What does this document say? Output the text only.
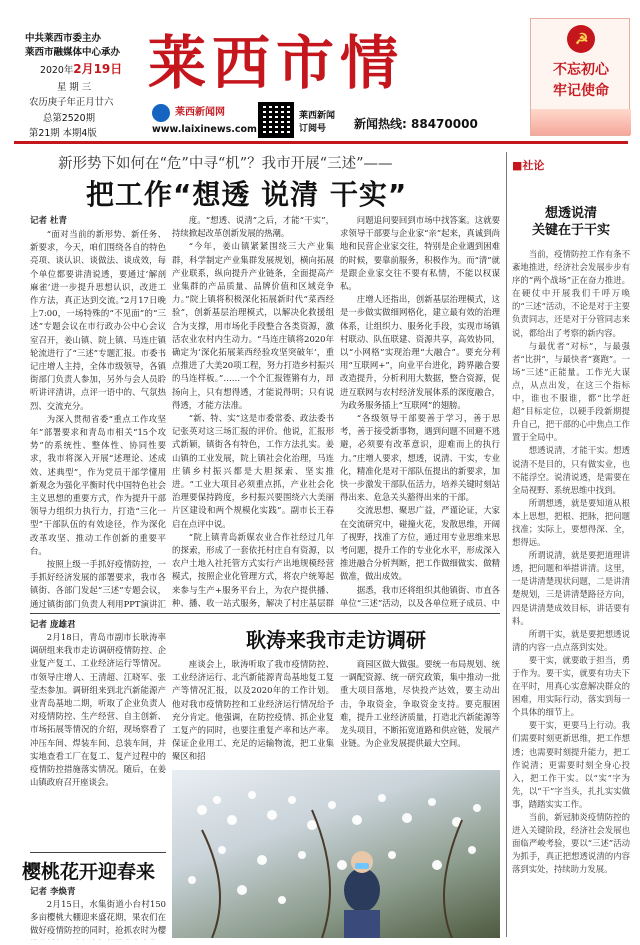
中共莱西市委主办
莱西市融媒体中心承办
2020年2月19日
星 期 三
农历庚子年正月廿六
总第2520期
第21期 本期4版
莱西市情
莱西新闻网
www.laixinews.com
莱西新闻
订阅号 新闻热线: 88470000
☭
不忘初心
牢记使命
新形势下如何在“危”中寻“机”？我市开展“三述”——
把工作“想透 说清 干实”
记者 杜青

“面对当前的新形势、新任务、新要求，今天，咱们围绕各自的特色亮项、谈认识、谈做法、谈成效，每个单位都要讲清说透，要通过‘解剖麻雀’进一步提升思想认识，改进工作方法，真正达到交流。”2月17日晚上7:00，一场特殊的“不见面”的“三述”专题会议在市行政办公中心会议室召开，姜山镇、院上镇、马连庄镇轮流进行了“三述”专题汇报。市委书记庄增人主持，全体市级领导，各镇街部门负责人参加，另外与会人员聆听讲评清讲，点评一语中的、气氛热烈、交流充分。

为深入贯彻省委“重点工作攻坚年”部署要求和青岛市相关“15个攻势”的系统性、整体性、协同性要求，我市将深入开展“述理论、述成效、述典型”，作为党员干部学懂用新观念为强化平衡时代中国特色社会主义思想的重要方式，作为提升干部领导力组织力执行力，打造“三化一型”干部队伍的有效途径，作为深化改革攻坚、推动工作创新的重要平台。

按照上级一手抓好疫情防控，一手抓好经济发展的部署要求，我市各镇街、各部门发起“三述”专题会议，通过镇街部门负责人利用PPT演讲汇

度。“想透、说清”之后，才能“干实”，持续掀起改革创新发展的热潮。

“今年，姜山镇紧紧围绕三大产业集群，科学制定产业集群发展规划，横向拓展产业联系，纵向提升产业链条，全面提高产业集群的产品质量、品牌价值和区域竞争力。”院上镇将积极深化拓展新时代“菜西经验”，创新基层治理模式，以解决化救援组合为支撑，用市场化手段整合各类资源，激活农业农村内生动力。“马连庄镇将2020年确定为‘深化拓展莱西经验攻坚突破年’，重点推进了大美20项工程，努力打造乡村振兴的马连样板。”……一个个汇报铿锵有力，昂扬向上，只有想得透，才能说得明；只有说得透，才能方法准。

“新、特、实”这是市委常委、政法委书记张英对这三场汇报的评价。他说，汇报形式新颖，镇街各有特色，工作方法扎实。姜山镇的工业发展，院上镇社会化治理，马连庄镇乡村振兴都是大胆探索、坚实推进。“工业大项目必须重点抓，产业社会化治理要保持跨度，乡村振兴要围绕六大美丽片区建设和两个规模化实践”。副市长王春启在点评中说。

“院上镇青岛新媒农业合作社经过几年的探索，形成了一套依托村庄自有资源，以农户土地入社托管方式实行产出地规模经营模式，按照企业化管理方式，将农户统筹起来参与生产+服务平台上，为农户提供播、种、播、收一站式服务，解决了村庄基层群

问题追问要回到市场中找答案。这就要求领导干部要与企业家“亲”起来，真诚到尚地和民营企业家交往，特别是企业遇到困难的时候，要靠前服务，积极作为。而“清”就是跟企业家交往不要有私情，不能以权谋私。

庄增人还指出，创新基层治理模式，这是一步做实做细网格化，建立最有效的治理体系，让组织力、服务化手段，实现市场镇村联动、队伍联建、资源共享，高效协同，以“小网格”实现治理“大融合”。要充分利用“互联网+”，向业平台进化，跨界融合要改造提升，分析利用大数据，整合资源，促进互联网与农村经济发展体系的深度融合，为政务服务插上“互联网”的翅膀。

“各级领导干部要善于学习，善于思考，善于接受新事物，遇到问题不回避不逃避，必须要有改革意识，迎难而上的执行力。”庄增人要求，想透，说清、干实，专业化，精准化是对干部队伍提出的新要求，加快一步激发干部队伍活力，培养关键时刻站得出来、危急关头豁得出来的干部。

交流思想、聚思广益，严谨论证，大家在交流研究中，碰撞火花，发散思维，开阔了视野，找准了方位，通过用专业思维来思考问题，提升工作的专业化水平，形成深入推进融合分析判断，把工作做细做实、做精做准，做出成效。

据悉，我市还将组织其他镇街、市直各单位“三述”活动，以及各单位班子成员、中

■社论
想透说清
关键在于干实

当前，疫情防控工作有条不紊地推进，经济社会发展步步有序的“两个战场”正在奋力推进。在硬仗中开展我们千呼万唤的“三述”活动，不论是对于主要负责同志，还是对于分管同志来说，都给出了考察的新内容。

与最优者“对标”，与最强者“比拼”，与最快者“赛跑”。一场“三述”正能量。工作光大谋点，从点出发，在这三个指标中，谁也不服谁，都“比学赶超”目标定位，以硬手段新期提升自己，把干部的心中焦点工作置于全局中。

想透说清，才能干实。想透说清不是目的，只有做实业，也不能浮空。说清说透，是需要在全局视野、系统思维中找到。

所谓想透，就是要知道从根本上思想，把根、把脉，把问题找准；实际上，要想得深、全，想得远。

所谓说清，就是要把道理讲透，把问题和举措讲清。这里，一是讲清楚现状问题，二是讲清楚规划，三是讲清楚路径方向，四是讲清楚成效目标，讲话要有料。

所谓干实，就是要把想透说清的内容一点点落到实处。

要干实，就要敢于担当，勇于作为。要干实，就要有功夫下在平时，用真心实意解决群众的困难，用实际行动，落实到每一个具体的细节上。

要干实，更要马上行动。我们需要时刻更新思维，把工作想透；也需要时刻提升能力，把工作说清；更需要时刻全身心投入，把工作干实。以“实”字为先，以“干”字当头，扎扎实实做事，踏踏实实工作。

当前，新冠肺炎疫情防控的进入关键阶段，经济社会发展也面临严峻考验，要以“三述”活动为抓手，真正把想透说清的内容落到实处，持续助力发展。

记者 庞雄君

2月18日，青岛市副市长耿涛率调研组来我市走访调研疫情防控、企业复产复工、工业经济运行等情况。市领导庄增人、王清超、江晓军、张莹杰参加。调研组来到北汽新能源产业青岛基地二期，听取了企业负责人对疫情防控、生产经营、自主创新、市场拓展等情况的介绍，现场察看了冲压车间、焊装车间、总装车间，并实地查看工厂在复工、复产过程中的疫情防控措施落实情况。随后，在姜山镇政府召开座谈会。

耿涛来我市走访调研

座谈会上，耿涛听取了我市疫情防控、工业经济运行、北汽新能源青岛基地复工复产等情况汇报，以及2020年的工作计划。他对我市疫情防控和工业经济运行情况给予充分肯定。他强调，在防控疫情、抓企业复工复产的同时，也要注重复产率和达产率。保证企业用工、充足的运输物流，把工业集聚区和招

商园区做大做强。要统一布局规划、统一调配资源、统一研究政策，集中推动一批重大项目落地，尽快投产达效，要主动出击，争取资金，争取资金支持。要克服困难，提升工业经济质量，打造北汽新能源等龙头项目，不断拓宽道路和供应链，发展产业链。为企业发展提供最大空间。

樱桃花开迎春来
记者 李焕青

2月15日，水集街道小台村150多亩樱桃大棚迎来盛花期，果农们在做好疫情防控的同时，抢抓农时为樱
